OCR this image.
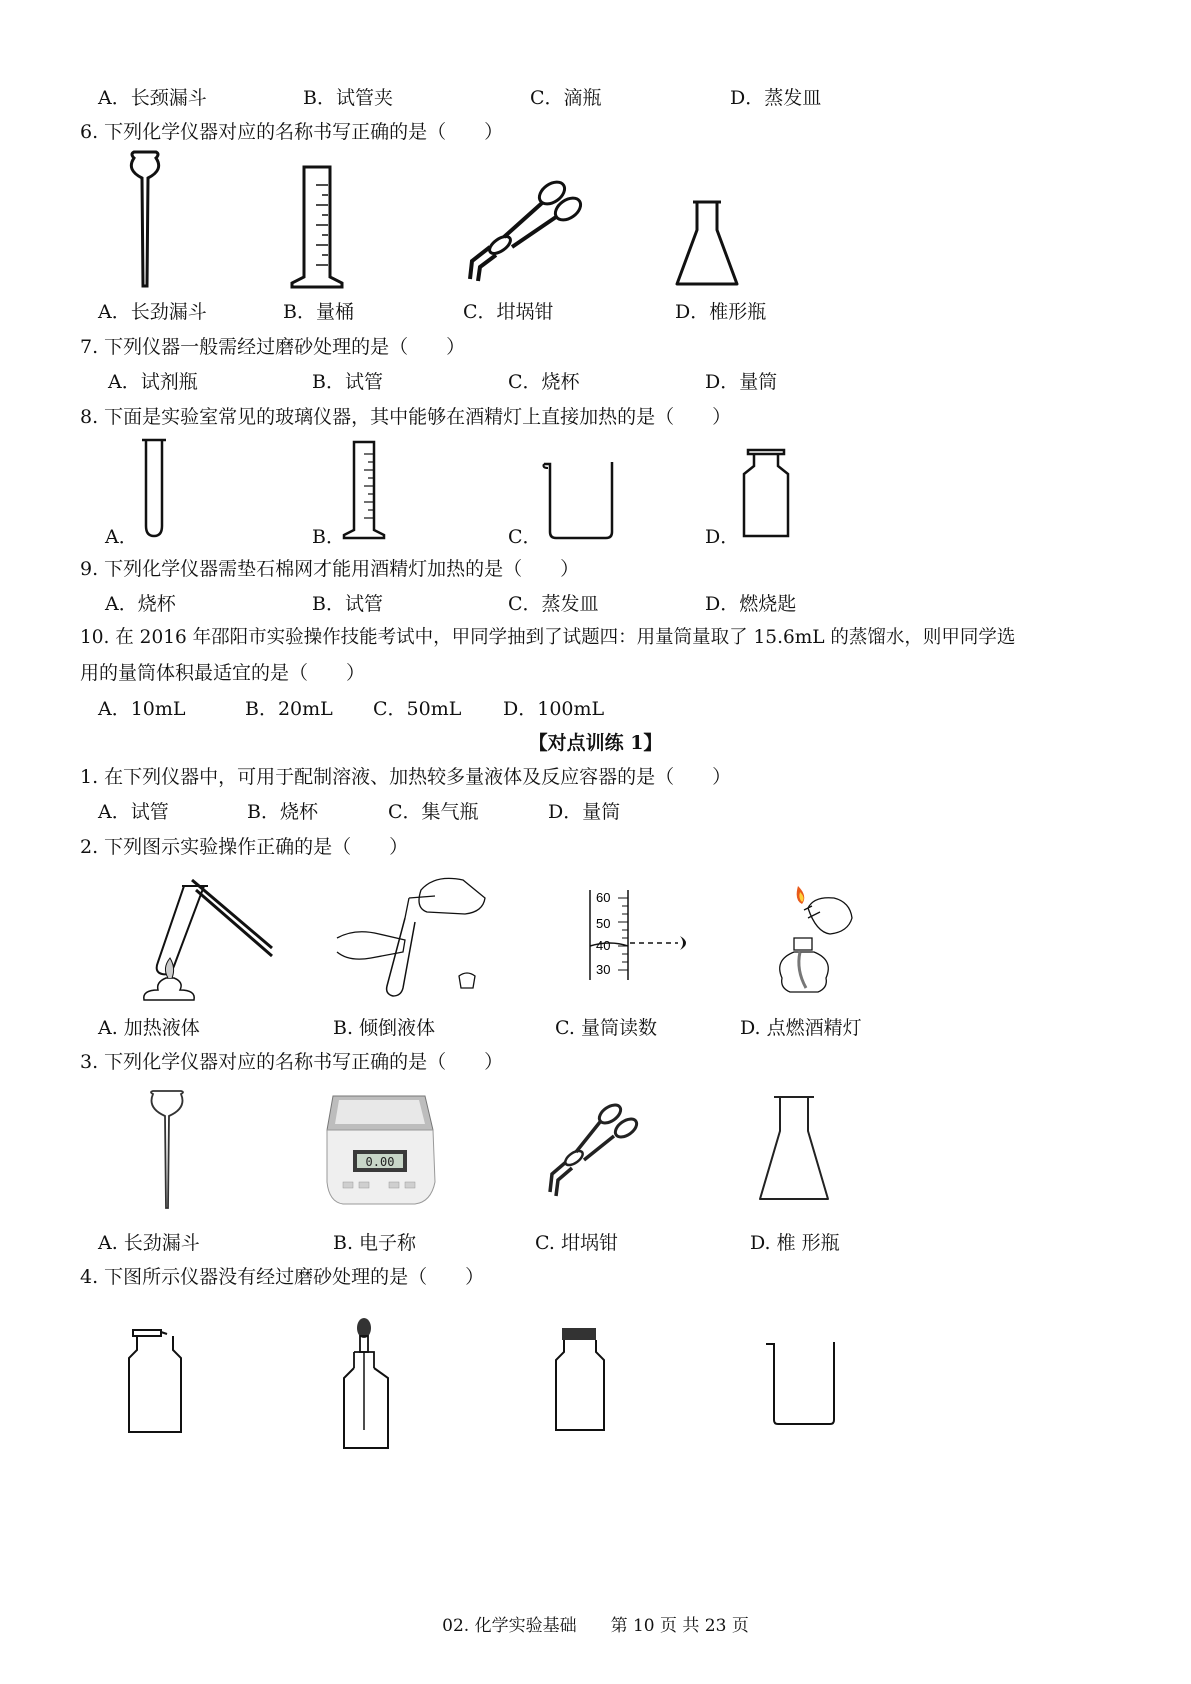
A．长颈漏斗	B．试管夹	C．滴瓶	D．蒸发皿
6. 下列化学仪器对应的名称书写正确的是（　　）
A．长劲漏斗	B．量桶	C．坩埚钳	D．椎形瓶
7. 下列仪器一般需经过磨砂处理的是（　　）
A．试剂瓶	B．试管	C．烧杯	D．量筒
8. 下面是实验室常见的玻璃仪器，其中能够在酒精灯上直接加热的是（　　）
A．	B．	C．	D．
9. 下列化学仪器需垫石棉网才能用酒精灯加热的是（　　）
A．烧杯	B．试管	C．蒸发皿	D．燃烧匙
10. 在 2016 年邵阳市实验操作技能考试中，甲同学抽到了试题四：用量筒量取了 15.6mL 的蒸馏水，则甲同学选
用的量筒体积最适宜的是（　　）
A．10mL	B．20mL C．50mL D．100mL
【对点训练 1】
1. 在下列仪器中，可用于配制溶液、加热较多量液体及反应容器的是（　　）
A．试管	B．烧杯	C．集气瓶	D．量筒
2. 下列图示实验操作正确的是（　　）
60
50
40
30
A. 加热液体	B. 倾倒液体	C. 量筒读数	D. 点燃酒精灯
3. 下列化学仪器对应的名称书写正确的是（　　）
0.00
A. 长劲漏斗	B. 电子称	C. 坩埚钳	D. 椎 形瓶
4. 下图所示仪器没有经过磨砂处理的是（　　）
02. 化学实验基础　　第 10 页 共 23 页
